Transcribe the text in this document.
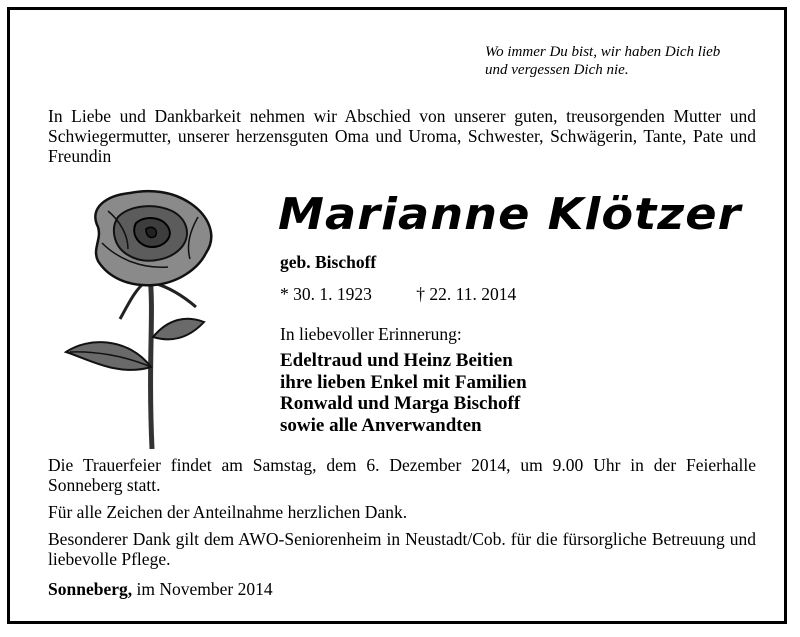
Wo immer Du bist, wir haben Dich lieb
und vergessen Dich nie.
In Liebe und Dankbarkeit nehmen wir Abschied von unserer guten, treusorgenden Mutter und Schwiegermutter, unserer herzensguten Oma und Uroma, Schwester, Schwägerin, Tante, Pate und Freundin
Marianne Klötzer
geb. Bischoff
* 30. 1. 1923	† 22. 11. 2014
In liebevoller Erinnerung:
Edeltraud und Heinz Beitien
ihre lieben Enkel mit Familien
Ronwald und Marga Bischoff
sowie alle Anverwandten

Die Trauerfeier findet am Samstag, dem 6. Dezember 2014, um 9.00 Uhr in der Feierhalle Sonneberg statt.

Für alle Zeichen der Anteilnahme herzlichen Dank.

Besonderer Dank gilt dem AWO-Seniorenheim in Neustadt/Cob. für die fürsorgliche Betreuung und liebevolle Pflege.

Sonneberg, im November 2014
